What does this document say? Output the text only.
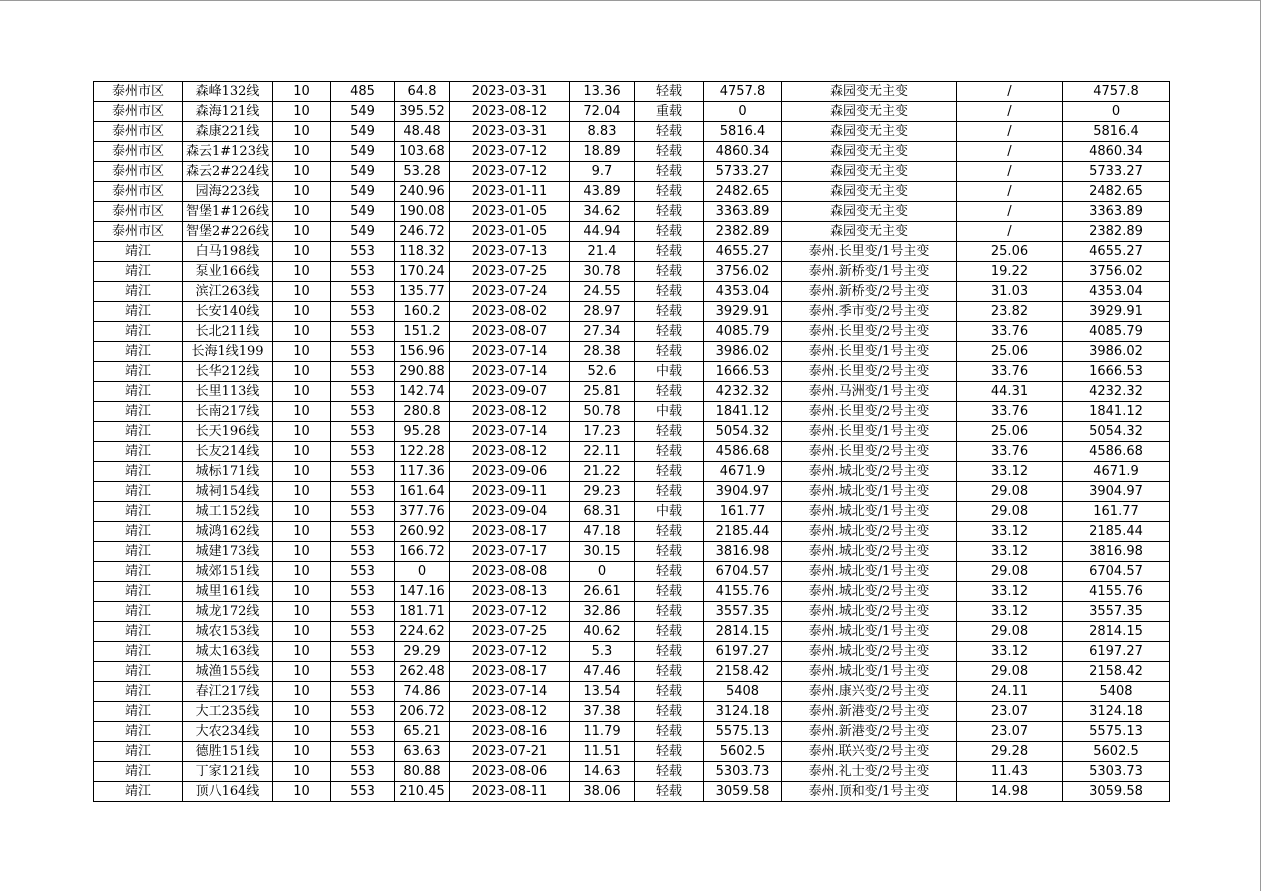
泰州市区	森峰132线	10	485	64.8	2023-03-31	13.36	轻载	4757.8	森园变无主变	/	4757.8
泰州市区	森海121线	10	549	395.52	2023-08-12	72.04	重载	0	森园变无主变	/	0
泰州市区	森康221线	10	549	48.48	2023-03-31	8.83	轻载	5816.4	森园变无主变	/	5816.4
泰州市区	森云1#123线	10	549	103.68	2023-07-12	18.89	轻载	4860.34	森园变无主变	/	4860.34
泰州市区	森云2#224线	10	549	53.28	2023-07-12	9.7	轻载	5733.27	森园变无主变	/	5733.27
泰州市区	园海223线	10	549	240.96	2023-01-11	43.89	轻载	2482.65	森园变无主变	/	2482.65
泰州市区	智堡1#126线	10	549	190.08	2023-01-05	34.62	轻载	3363.89	森园变无主变	/	3363.89
泰州市区	智堡2#226线	10	549	246.72	2023-01-05	44.94	轻载	2382.89	森园变无主变	/	2382.89
靖江	白马198线	10	553	118.32	2023-07-13	21.4	轻载	4655.27	泰州.长里变/1号主变	25.06	4655.27
靖江	泵业166线	10	553	170.24	2023-07-25	30.78	轻载	3756.02	泰州.新桥变/1号主变	19.22	3756.02
靖江	滨江263线	10	553	135.77	2023-07-24	24.55	轻载	4353.04	泰州.新桥变/2号主变	31.03	4353.04
靖江	长安140线	10	553	160.2	2023-08-02	28.97	轻载	3929.91	泰州.季市变/2号主变	23.82	3929.91
靖江	长北211线	10	553	151.2	2023-08-07	27.34	轻载	4085.79	泰州.长里变/2号主变	33.76	4085.79
靖江	长海1线199	10	553	156.96	2023-07-14	28.38	轻载	3986.02	泰州.长里变/1号主变	25.06	3986.02
靖江	长华212线	10	553	290.88	2023-07-14	52.6	中载	1666.53	泰州.长里变/2号主变	33.76	1666.53
靖江	长里113线	10	553	142.74	2023-09-07	25.81	轻载	4232.32	泰州.马洲变/1号主变	44.31	4232.32
靖江	长南217线	10	553	280.8	2023-08-12	50.78	中载	1841.12	泰州.长里变/2号主变	33.76	1841.12
靖江	长天196线	10	553	95.28	2023-07-14	17.23	轻载	5054.32	泰州.长里变/1号主变	25.06	5054.32
靖江	长友214线	10	553	122.28	2023-08-12	22.11	轻载	4586.68	泰州.长里变/2号主变	33.76	4586.68
靖江	城标171线	10	553	117.36	2023-09-06	21.22	轻载	4671.9	泰州.城北变/2号主变	33.12	4671.9
靖江	城祠154线	10	553	161.64	2023-09-11	29.23	轻载	3904.97	泰州.城北变/1号主变	29.08	3904.97
靖江	城工152线	10	553	377.76	2023-09-04	68.31	中载	161.77	泰州.城北变/1号主变	29.08	161.77
靖江	城鸿162线	10	553	260.92	2023-08-17	47.18	轻载	2185.44	泰州.城北变/2号主变	33.12	2185.44
靖江	城建173线	10	553	166.72	2023-07-17	30.15	轻载	3816.98	泰州.城北变/2号主变	33.12	3816.98
靖江	城郊151线	10	553	0	2023-08-08	0	轻载	6704.57	泰州.城北变/1号主变	29.08	6704.57
靖江	城里161线	10	553	147.16	2023-08-13	26.61	轻载	4155.76	泰州.城北变/2号主变	33.12	4155.76
靖江	城龙172线	10	553	181.71	2023-07-12	32.86	轻载	3557.35	泰州.城北变/2号主变	33.12	3557.35
靖江	城农153线	10	553	224.62	2023-07-25	40.62	轻载	2814.15	泰州.城北变/1号主变	29.08	2814.15
靖江	城太163线	10	553	29.29	2023-07-12	5.3	轻载	6197.27	泰州.城北变/2号主变	33.12	6197.27
靖江	城渔155线	10	553	262.48	2023-08-17	47.46	轻载	2158.42	泰州.城北变/1号主变	29.08	2158.42
靖江	春江217线	10	553	74.86	2023-07-14	13.54	轻载	5408	泰州.康兴变/2号主变	24.11	5408
靖江	大工235线	10	553	206.72	2023-08-12	37.38	轻载	3124.18	泰州.新港变/2号主变	23.07	3124.18
靖江	大农234线	10	553	65.21	2023-08-16	11.79	轻载	5575.13	泰州.新港变/2号主变	23.07	5575.13
靖江	德胜151线	10	553	63.63	2023-07-21	11.51	轻载	5602.5	泰州.联兴变/2号主变	29.28	5602.5
靖江	丁家121线	10	553	80.88	2023-08-06	14.63	轻载	5303.73	泰州.礼士变/2号主变	11.43	5303.73
靖江	顶八164线	10	553	210.45	2023-08-11	38.06	轻载	3059.58	泰州.顶和变/1号主变	14.98	3059.58
